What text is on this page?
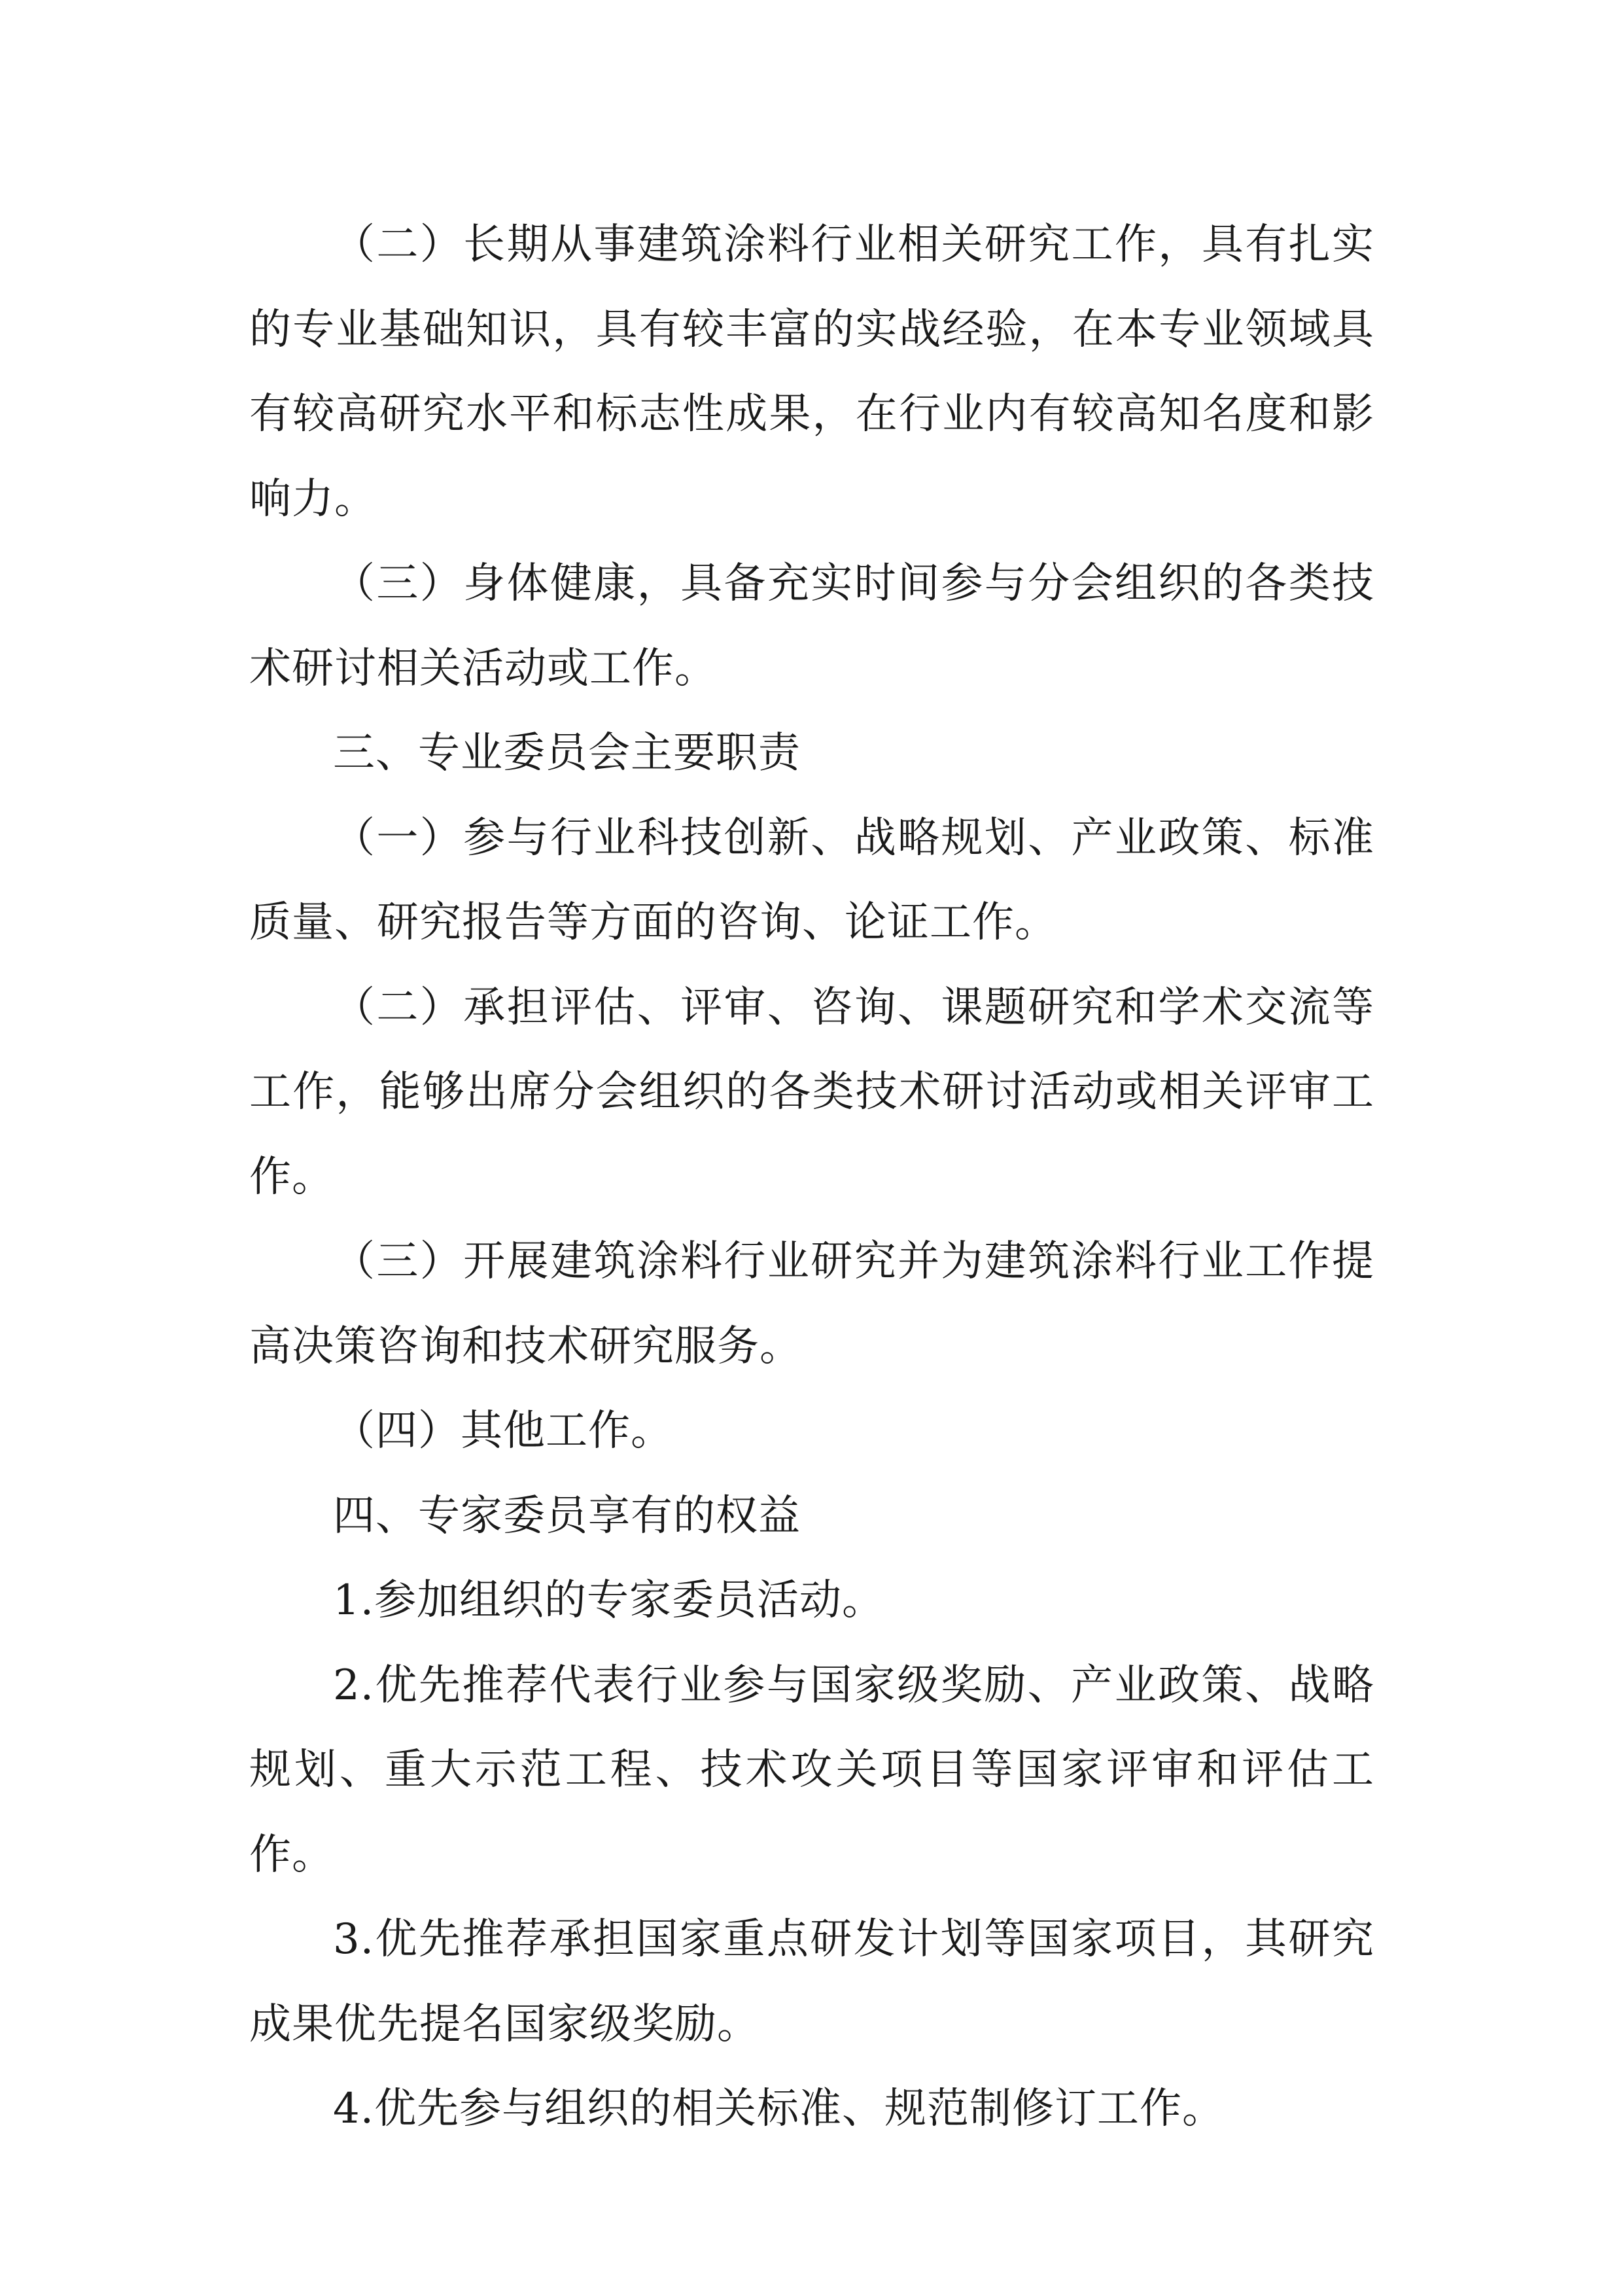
（二）长期从事建筑涂料行业相关研究工作，具有扎实的专业基础知识，具有较丰富的实战经验，在本专业领域具有较高研究水平和标志性成果，在行业内有较高知名度和影响力。

（三）身体健康，具备充实时间参与分会组织的各类技术研讨相关活动或工作。

三、专业委员会主要职责

（一）参与行业科技创新、战略规划、产业政策、标准质量、研究报告等方面的咨询、论证工作。

（二）承担评估、评审、咨询、课题研究和学术交流等工作，能够出席分会组织的各类技术研讨活动或相关评审工作。

（三）开展建筑涂料行业研究并为建筑涂料行业工作提高决策咨询和技术研究服务。

（四）其他工作。

四、专家委员享有的权益

1.参加组织的专家委员活动。

2.优先推荐代表行业参与国家级奖励、产业政策、战略规划、重大示范工程、技术攻关项目等国家评审和评估工作。

3.优先推荐承担国家重点研发计划等国家项目，其研究成果优先提名国家级奖励。

4.优先参与组织的相关标准、规范制修订工作。
